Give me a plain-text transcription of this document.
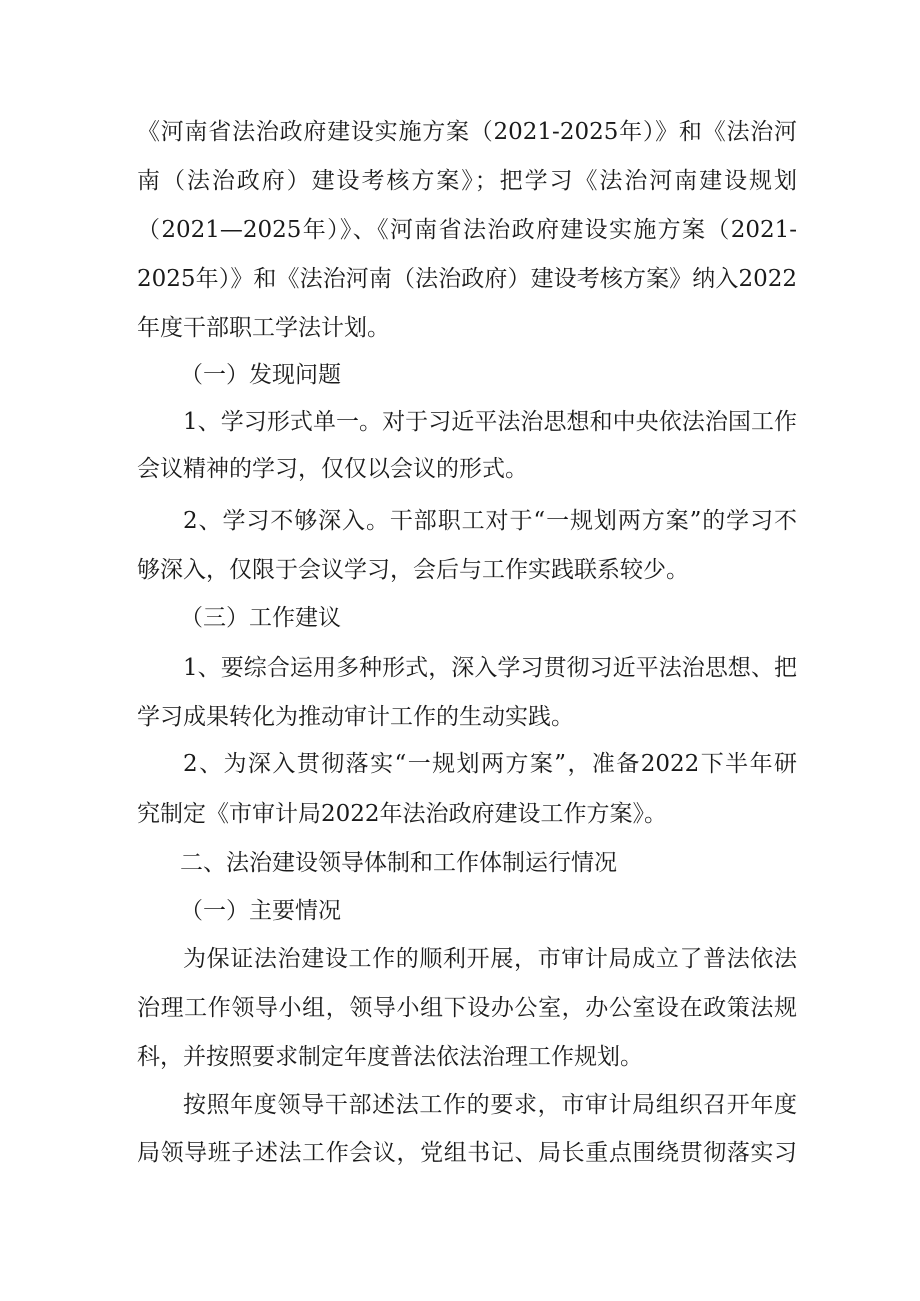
《河南省法治政府建设实施方案（2021-2025年）》和《法治河
南（法治政府）建设考核方案》；把学习《法治河南建设规划
（2021—2025年）》、《河南省法治政府建设实施方案（2021-
2025年）》和《法治河南（法治政府）建设考核方案》纳入2022
年度干部职工学法计划。
（一）发现问题
1、学习形式单一。对于习近平法治思想和中央依法治国工作
会议精神的学习，仅仅以会议的形式。
2、学习不够深入。干部职工对于“一规划两方案”的学习不
够深入，仅限于会议学习，会后与工作实践联系较少。
（三）工作建议
1、要综合运用多种形式，深入学习贯彻习近平法治思想、把
学习成果转化为推动审计工作的生动实践。
2、为深入贯彻落实“一规划两方案”，准备2022下半年研
究制定《市审计局2022年法治政府建设工作方案》。
二、法治建设领导体制和工作体制运行情况
（一）主要情况
为保证法治建设工作的顺利开展，市审计局成立了普法依法
治理工作领导小组，领导小组下设办公室，办公室设在政策法规
科，并按照要求制定年度普法依法治理工作规划。
按照年度领导干部述法工作的要求，市审计局组织召开年度
局领导班子述法工作会议，党组书记、局长重点围绕贯彻落实习
